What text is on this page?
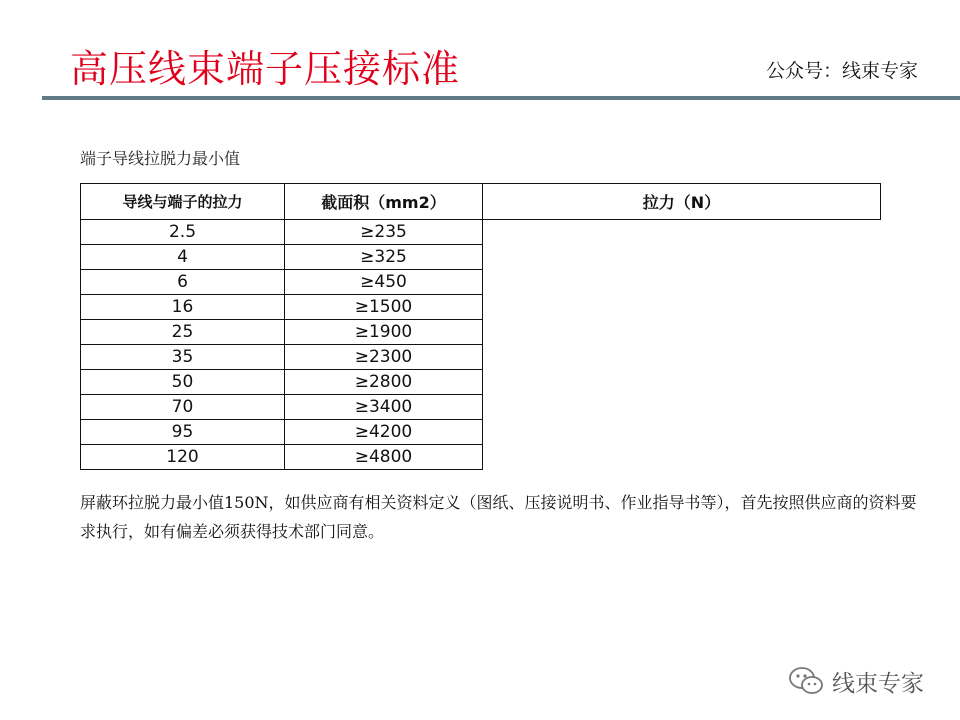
高压线束端子压接标准	公众号：线束专家
端子导线拉脱力最小值
导线与端子的拉力	截面积（mm2）	拉力（N）
2.5	≥235	
4	≥325	
6	≥450	
16	≥1500	
25	≥1900	
35	≥2300	
50	≥2800	
70	≥3400	
95	≥4200	
120	≥4800	
屏蔽环拉脱力最小值150N，如供应商有相关资料定义（图纸、压接说明书、作业指导书等），首先按照供应商的资料要求执行，如有偏差必须获得技术部门同意。
线束专家
